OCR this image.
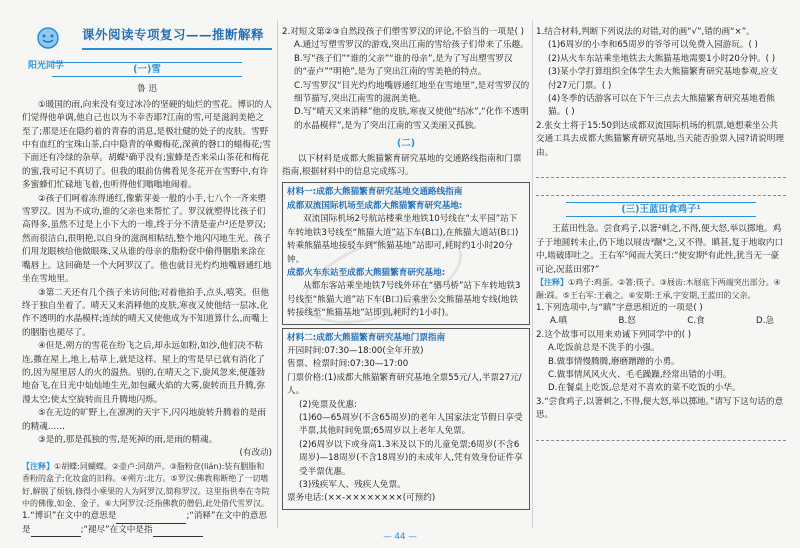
阳光同学
课外阅读专项复习——推断解释
(一)雪
鲁 迅

①暖国的雨,向来没有变过冰冷的坚硬的灿烂的雪花。博识的人们觉得他单调,他自己也以为不幸否耶?江南的雪,可是滋润美艳之至了;那是还在隐约着的青春的消息,是极壮健的处子的皮肤。雪野中有血红的宝珠山茶,白中隐青的单瓣梅花,深黄的磬口的蜡梅花;雪下面还有冷绿的杂草。胡蝶¹确乎没有;蜜蜂是否来采山茶花和梅花的蜜,我可记不真切了。但我的眼前仿佛看见冬花开在雪野中,有许多蜜蜂们忙碌地飞着,也听得他们嗡嗡地闹着。

②孩子们呵着冻得通红,像紫芽姜一般的小手,七八个一齐来塑雪罗汉。因为不成功,谁的父亲也来帮忙了。罗汉就塑得比孩子们高得多,虽然不过是上小下大的一堆,终于分不清是壶卢²还是罗汉;然而很洁白,很明艳,以自身的滋润相粘结,整个地闪闪地生光。孩子们用龙眼核给他做眼珠,又从谁的母亲的脂粉奁中偷得胭脂来涂在嘴唇上。这回确是一个大阿罗汉了。他也就目光灼灼地嘴唇通红地坐在雪地里。

③第二天还有几个孩子来访问他;对着他拍手,点头,嘻笑。但他终于独自坐着了。晴天又来消释他的皮肤,寒夜又使他结一层冰,化作不透明的水晶模样;连续的晴天又使他成为不知道算什么,而嘴上的胭脂也褪尽了。

④但是,朔方的雪花在纷飞之后,却永远如粉,如沙,他们决不粘连,撒在屋上,地上,枯草上,就是这样。屋上的雪是早已就有消化了的,因为屋里居人的火的温热。别的,在晴天之下,旋风忽来,便蓬勃地奋飞,在日光中灿灿地生光,如包藏火焰的大雾,旋转而且升腾,弥漫太空;使太空旋转而且升腾地闪烁。

⑤在无边的旷野上,在凛冽的天宇下,闪闪地旋转升腾着的是雨的精魂……

③是的,那是孤独的雪,是死掉的雨,是雨的精魂。

(有改动)
【注释】①胡蝶:同蝴蝶。②壶卢:同葫芦。③脂粉奁(lián):装有胭脂和香粉的盒子;化妆盒的旧称。④朔方:北方。⑤罗汉:佛教称断绝了一切嗜好,解脱了烦恼,修得小乘果的人为阿罗汉,简称罗汉。这里指供奉在寺院中的佛像,如金、金子。⑥大阿罗汉:泛指佛教的僧侣,此处借代雪罗汉。

1.“博识”在文中的意思是	;“消释”在文中的意思是	;“褪尽”在文中是指

2.对短文第②③自然段孩子们塑雪罗汉的评论,不恰当的一项是( )

A.通过写塑雪罗汉的游戏,突出江南的雪给孩子们带来了乐趣。

B.写“孩子们”“谁的父亲”“谁的母亲”,是为了写出塑雪罗汉的“壶卢”“明艳”,是为了突出江南的雪美艳的特点。

C.写雪罗汉“目光灼灼地嘴唇通红地坐在雪地里”,是对雪罗汉的细节描写,突出江南雪的滋润美艳。

D.写“晴天又来消释”他的皮肤,寒夜又使他“结冰”,“化作不透明的水晶模样”,是为了突出江南的雪又美丽又孤独。

(二)

以下材料是成都大熊猫繁育研究基地的交通路线指南和门票指南,根据材料中的信息完成练习。

材料一:成都大熊猫繁育研究基地交通路线指南

成都双流国际机场至成都大熊猫繁育研究基地:

双流国际机场2号航站楼乘坐地铁10号线在“太平园”站下车转地铁3号线至“熊猫大道”站下车(B口),在熊猫大道站(B口)转乘熊猫基地接驳车到“熊猫基地”站即可,耗时约1小时20分钟。

成都火车东站至成都大熊猫繁育研究基地:

从都东客站乘坐地铁7号线外环在“驷马桥”站下车转地铁3号线至“熊猫大道”站下车(B口)后乘坐公交熊猫基地专线(地铁转接线至“熊猫基地”站即到,耗时约1小时)。

材料二:成都大熊猫繁育研究基地门票指南

开园时间:07:30—18:00(全年开放)

售票、检票时间:07:30—17:00

门票价格:(1)成都大熊猫繁育研究基地全票55元/人,半票27元/人。

(2)免票及优惠:

(1)60—65周岁(不含65周岁)的老年人国家法定节假日享受半票,其他时间免票;65周岁以上老年人免票。

(2)6周岁以下或身高1.3米及以下的儿童免票;6周岁(不含6周岁)—18周岁(不含18周岁)的未成年人,凭有效身份证件享受半票优惠。

(3)残疾军人、残疾人免票。

票务电话:(××-××××××××(可预约)

1.结合材料,判断下列说法的对错,对的画“√”,错的画“×”。

(1)6周岁的小李和65周岁的爷爷可以免费入园游玩。( )

(2)从火车东站乘坐地铁去大熊猫基地需要1小时20分钟。( )

(3)某小学打算组织全体学生去大熊猫繁育研究基地参观,应支付27元门票。( )

(4)冬季的话游客可以在下午三点去大熊猫繁育研究基地看熊猫。( )

2.张女士将于15:50到达成都双流国际机场的机票,她想乘坐公共交通工具去成都大熊猫繁育研究基地,当天能否验票入园?请说明理由。

(三)王蓝田食鸡子¹

王蓝田性急。尝食鸡子,以箸²刺之,不得,便大怒,举以掷地。鸡子于地圆转未止,仍下地以屐齿³蹍⁴之,又不得。瞋甚,复于地取内口中,啮破即吐之。王右军⁵闻而大笑曰:“使安期⁶有此性,犹当无一豪可论,况蓝田邪?”

【注释】①鸡子:鸡蛋。②箸:筷子。③屐齿:木屐底下两端突出部分。④蹍:踩。⑤王右军:王羲之。⑥安期:王承,字安期,王蓝田的父亲。

1.下列选项中,与“瞋”字意思相近的一项是( )

A.嗔	B.怒	C.食	D.急

2.这个故事可以用来劝诫下列同学中的( )

A.吃饭前总是不洗手的小强。

B.做事情慢腾腾,磨磨蹭蹭的小勇。

C.做事情风风火火、毛毛躁躁,经常出错的小明。

D.在餐桌上吃饭,总是对不喜欢的菜不吃饭的小华。

3.“尝食鸡子,以箸刺之,不得,便大怒,举以掷地。”请写下这句话的意思。

— 44 —
